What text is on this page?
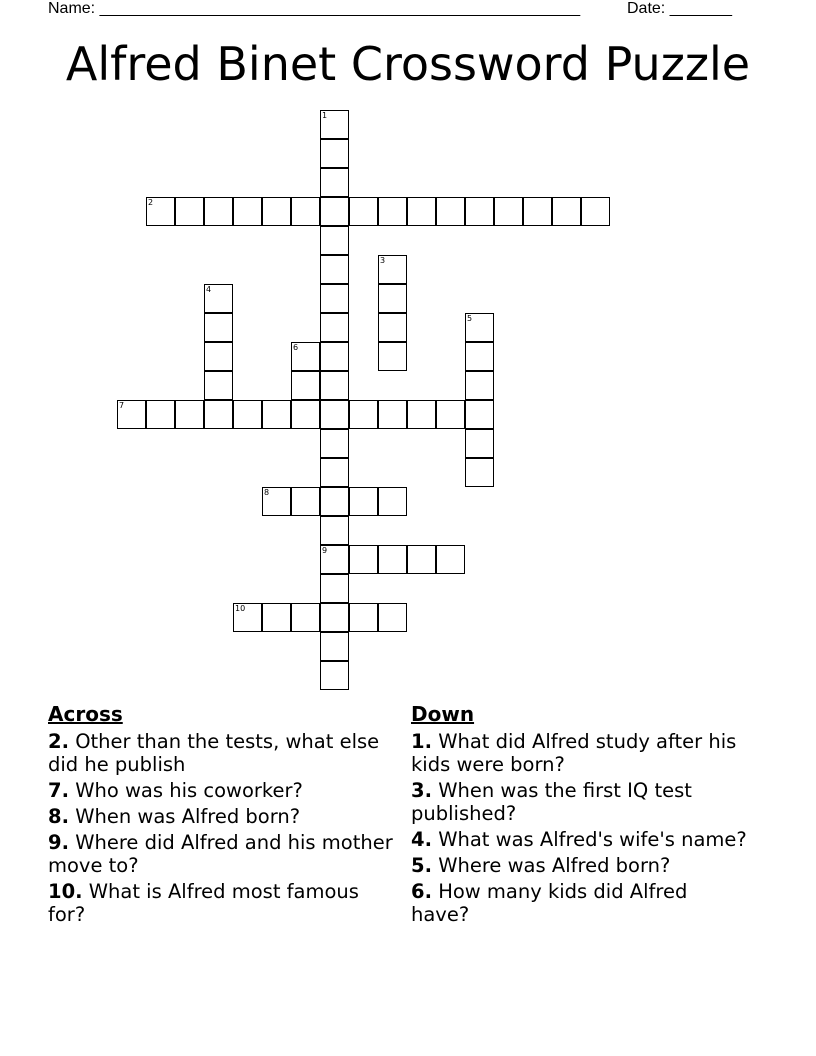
Name: ______________________________________________________	Date: _______
Alfred Binet Crossword Puzzle
1
9
2
3
4
5
6
7
8
10
Across
2. Other than the tests, what else did he publish
7. Who was his coworker?
8. When was Alfred born?
9. Where did Alfred and his mother move to?
10. What is Alfred most famous for?
Down
1. What did Alfred study after his kids were born?
3. When was the first IQ test published?
4. What was Alfred's wife's name?
5. Where was Alfred born?
6. How many kids did Alfred have?
